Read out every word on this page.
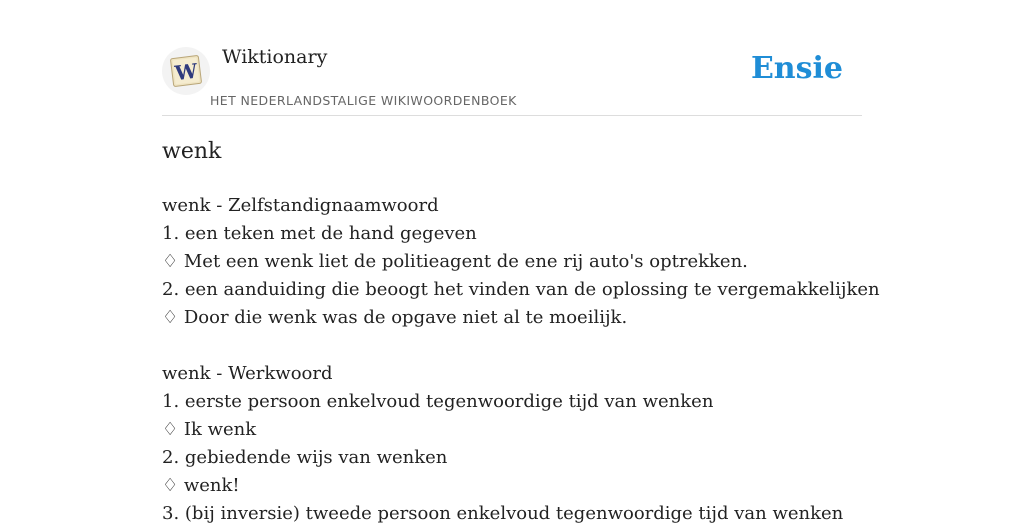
W
Wiktionary
HET NEDERLANDSTALIGE WIKIWOORDENBOEK
Ensie
wenk
wenk - Zelfstandignaamwoord
1. een teken met de hand gegeven
♢ Met een wenk liet de politieagent de ene rij auto's optrekken.
2. een aanduiding die beoogt het vinden van de oplossing te vergemakkelijken
♢ Door die wenk was de opgave niet al te moeilijk.
wenk - Werkwoord
1. eerste persoon enkelvoud tegenwoordige tijd van wenken
♢ Ik wenk
2. gebiedende wijs van wenken
♢ wenk!
3. (bij inversie) tweede persoon enkelvoud tegenwoordige tijd van wenken
